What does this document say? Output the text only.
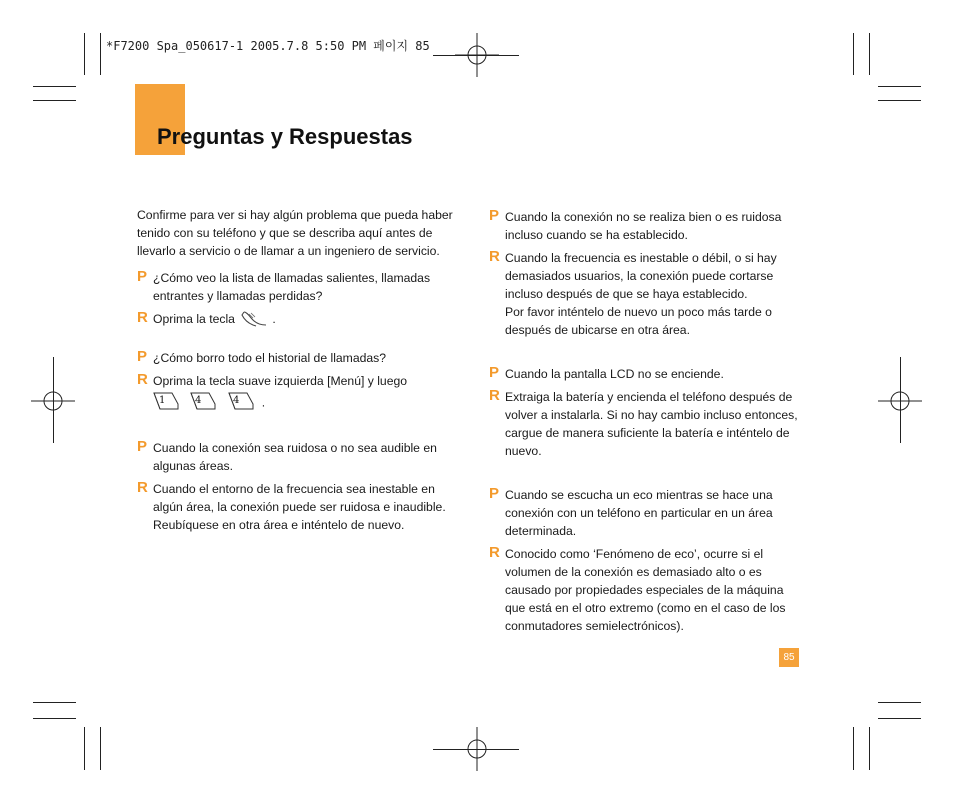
*F7200 Spa_050617-1 2005.7.8 5:50 PM 페이지 85
Preguntas y Respuestas

Confirme para ver si hay algún problema que pueda haber tenido con su teléfono y que se describa aquí antes de llevarlo a servicio o de llamar a un ingeniero de servicio.

P ¿Cómo veo la lista de llamadas salientes, llamadas entrantes y llamadas perdidas?

R Oprima la tecla	.

P ¿Cómo borro todo el historial de llamadas?

R Oprima la tecla suave izquierda [Menú] y luego

1
	4
	4 .
P Cuando la conexión sea ruidosa o no sea audible en algunas áreas.

R Cuando el entorno de la frecuencia sea inestable en algún área, la conexión puede ser ruidosa e inaudible. Reubíquese en otra área e inténtelo de nuevo.

P Cuando la conexión no se realiza bien o es ruidosa incluso cuando se ha establecido.

R Cuando la frecuencia es inestable o débil, o si hay demasiados usuarios, la conexión puede cortarse incluso después de que se haya establecido.

Por favor inténtelo de nuevo un poco más tarde o después de ubicarse en otra área.

P Cuando la pantalla LCD no se enciende.

R Extraiga la batería y encienda el teléfono después de volver a instalarla. Si no hay cambio incluso entonces, cargue de manera suficiente la batería e inténtelo de nuevo.

P Cuando se escucha un eco mientras se hace una conexión con un teléfono en particular en un área determinada.

R Conocido como ‘Fenómeno de eco’, ocurre si el volumen de la conexión es demasiado alto o es causado por propiedades especiales de la máquina que está en el otro extremo (como en el caso de los conmutadores semielectrónicos).

85
